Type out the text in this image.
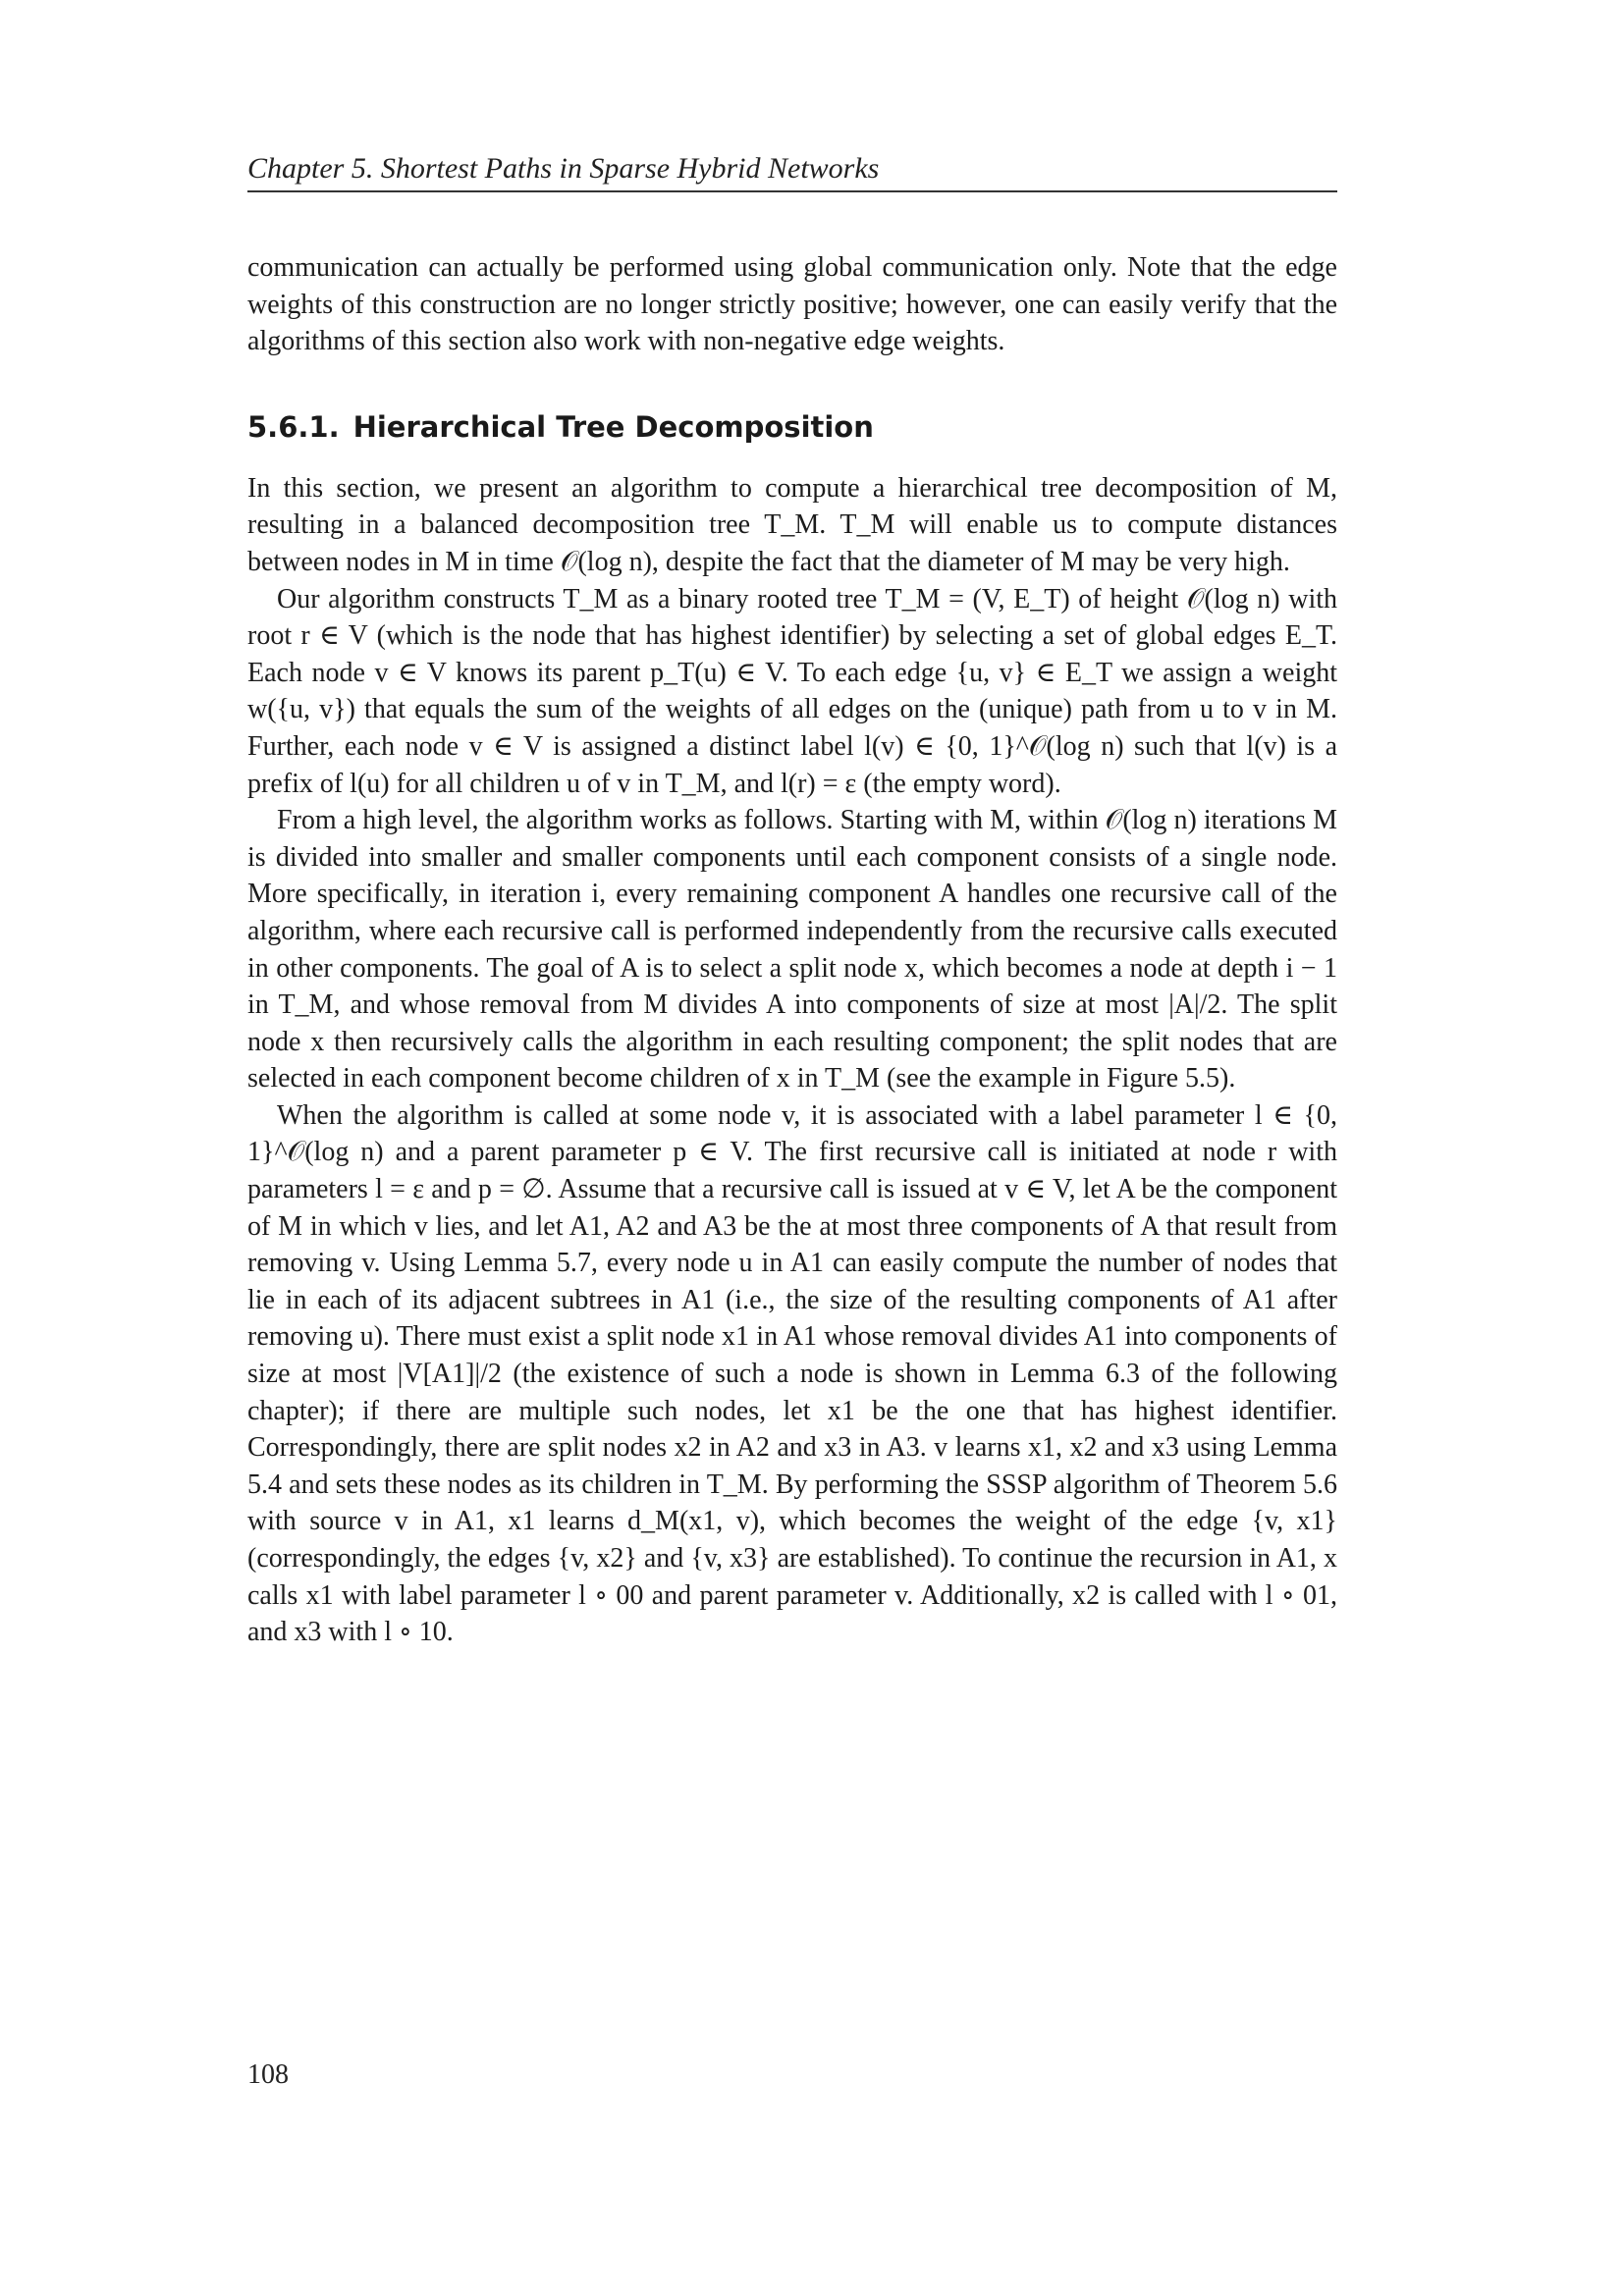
Chapter 5. Shortest Paths in Sparse Hybrid Networks

communication can actually be performed using global communication only. Note that the edge weights of this construction are no longer strictly positive; however, one can easily verify that the algorithms of this section also work with non-negative edge weights.

5.6.1. Hierarchical Tree Decomposition

In this section, we present an algorithm to compute a hierarchical tree decomposition of M, resulting in a balanced decomposition tree T_M. T_M will enable us to compute distances between nodes in M in time 𝒪(log n), despite the fact that the diameter of M may be very high.

Our algorithm constructs T_M as a binary rooted tree T_M = (V, E_T) of height 𝒪(log n) with root r ∈ V (which is the node that has highest identifier) by selecting a set of global edges E_T. Each node v ∈ V knows its parent p_T(u) ∈ V. To each edge {u, v} ∈ E_T we assign a weight w({u, v}) that equals the sum of the weights of all edges on the (unique) path from u to v in M. Further, each node v ∈ V is assigned a distinct label l(v) ∈ {0, 1}^𝒪(log n) such that l(v) is a prefix of l(u) for all children u of v in T_M, and l(r) = ε (the empty word).

From a high level, the algorithm works as follows. Starting with M, within 𝒪(log n) iterations M is divided into smaller and smaller components until each component consists of a single node. More specifically, in iteration i, every remaining component A handles one recursive call of the algorithm, where each recursive call is performed independently from the recursive calls executed in other components. The goal of A is to select a split node x, which becomes a node at depth i − 1 in T_M, and whose removal from M divides A into components of size at most |A|/2. The split node x then recursively calls the algorithm in each resulting component; the split nodes that are selected in each component become children of x in T_M (see the example in Figure 5.5).

When the algorithm is called at some node v, it is associated with a label parameter l ∈ {0, 1}^𝒪(log n) and a parent parameter p ∈ V. The first recursive call is initiated at node r with parameters l = ε and p = ∅. Assume that a recursive call is issued at v ∈ V, let A be the component of M in which v lies, and let A1, A2 and A3 be the at most three components of A that result from removing v. Using Lemma 5.7, every node u in A1 can easily compute the number of nodes that lie in each of its adjacent subtrees in A1 (i.e., the size of the resulting components of A1 after removing u). There must exist a split node x1 in A1 whose removal divides A1 into components of size at most |V[A1]|/2 (the existence of such a node is shown in Lemma 6.3 of the following chapter); if there are multiple such nodes, let x1 be the one that has highest identifier. Correspondingly, there are split nodes x2 in A2 and x3 in A3. v learns x1, x2 and x3 using Lemma 5.4 and sets these nodes as its children in T_M. By performing the SSSP algorithm of Theorem 5.6 with source v in A1, x1 learns d_M(x1, v), which becomes the weight of the edge {v, x1} (correspondingly, the edges {v, x2} and {v, x3} are established). To continue the recursion in A1, x calls x1 with label parameter l ∘ 00 and parent parameter v. Additionally, x2 is called with l ∘ 01, and x3 with l ∘ 10.

108
